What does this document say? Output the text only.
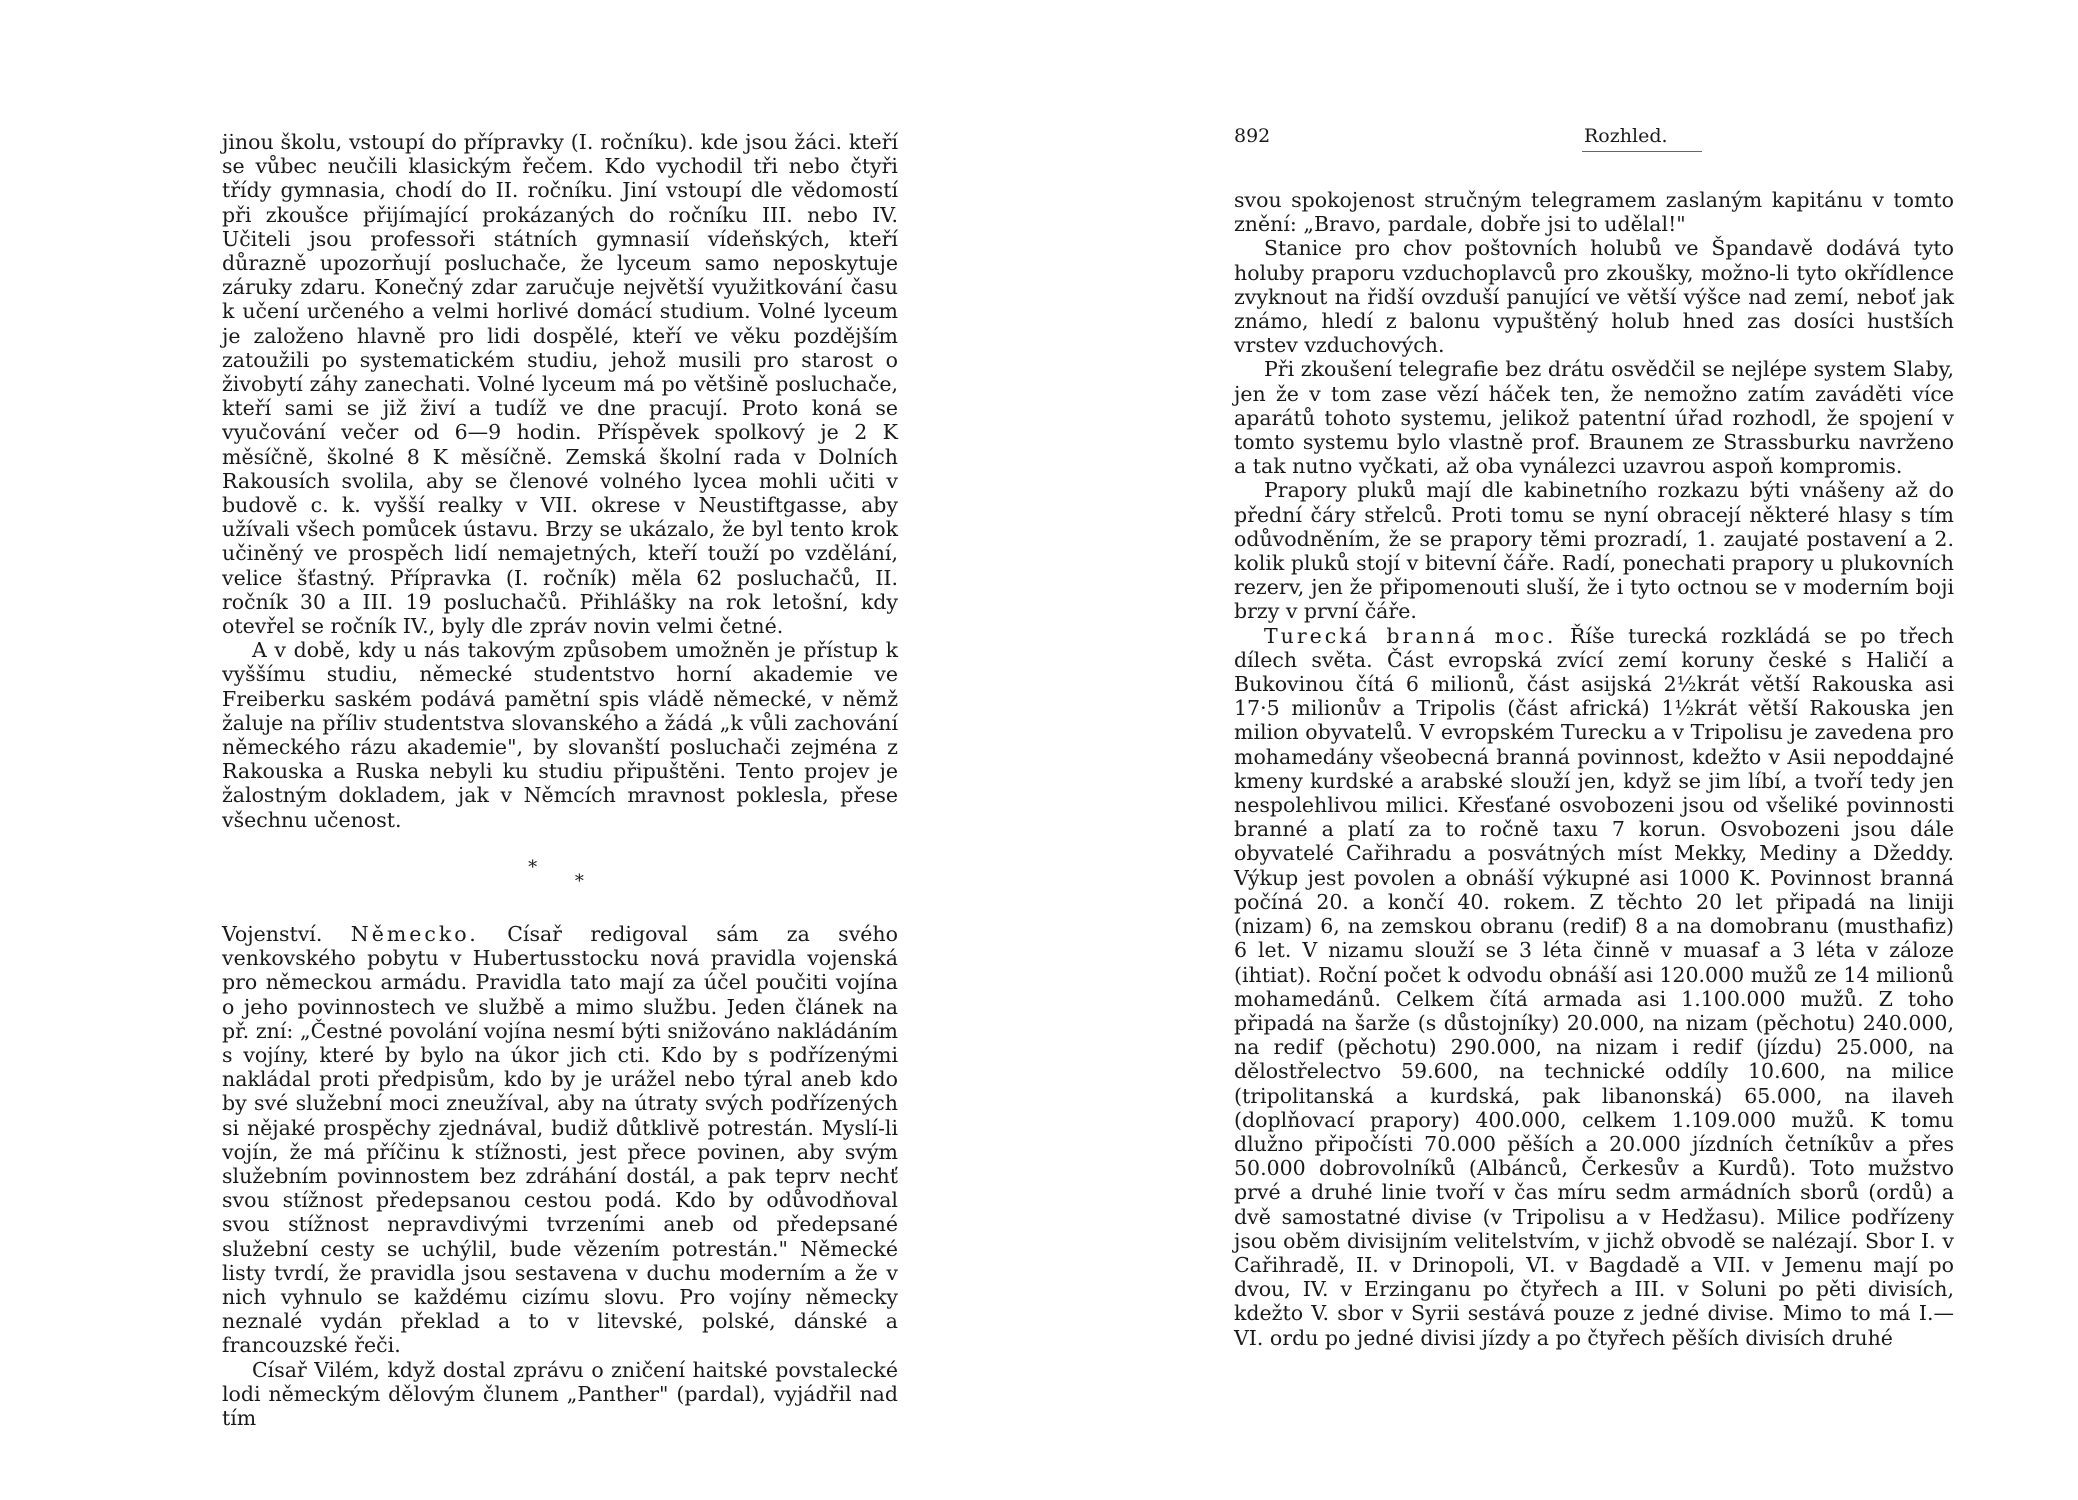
jinou školu, vstoupí do přípravky (I. ročníku). kde jsou žáci. kteří se vůbec neučili klasickým řečem. Kdo vychodil tři nebo čtyři třídy gymnasia, chodí do II. ročníku. Jiní vstoupí dle vědomostí při zkoušce přijímající prokázaných do ročníku III. nebo IV. Učiteli jsou professoři státních gymnasií vídeňských, kteří důrazně upozorňují posluchače, že lyceum samo neposkytuje záruky zdaru. Konečný zdar zaručuje největší využitkování času k učení určeného a velmi horlivé domácí studium. Volné lyceum je založeno hlavně pro lidi dospělé, kteří ve věku pozdějším zatoužili po systematickém studiu, jehož musili pro starost o živobytí záhy zanechati. Volné lyceum má po většině posluchače, kteří sami se již živí a tudíž ve dne pracují. Proto koná se vyučování večer od 6—9 hodin. Příspěvek spolkový je 2 K měsíčně, školné 8 K měsíčně. Zemská školní rada v Dolních Rakousích svolila, aby se členové volného lycea mohli učiti v budově c. k. vyšší realky v VII. okrese v Neustiftgasse, aby užívali všech pomůcek ústavu. Brzy se ukázalo, že byl tento krok učiněný ve prospěch lidí nemajetných, kteří touží po vzdělání, velice šťastný. Přípravka (I. ročník) měla 62 posluchačů, II. ročník 30 a III. 19 posluchačů. Přihlášky na rok letošní, kdy otevřel se ročník IV., byly dle zpráv novin velmi četné.

A v době, kdy u nás takovým způsobem umožněn je přístup k vyššímu studiu, německé studentstvo horní akademie ve Freiberku saském podává pamětní spis vládě německé, v němž žaluje na příliv studentstva slovanského a žádá „k vůli zachování německého rázu akademie", by slovanští posluchači zejména z Rakouska a Ruska nebyli ku studiu připuštěni. Tento projev je žalostným dokladem, jak v Němcích mravnost poklesla, přese všechnu učenost.

* *

Vojenství. Německo. Císař redigoval sám za svého venkovského pobytu v Hubertusstocku nová pravidla vojenská pro německou armádu. Pravidla tato mají za účel poučiti vojína o jeho povinnostech ve službě a mimo službu. Jeden článek na př. zní: „Čestné povolání vojína nesmí býti snižováno nakládáním s vojíny, které by bylo na úkor jich cti. Kdo by s podřízenými nakládal proti předpisům, kdo by je urážel nebo týral aneb kdo by své služební moci zneužíval, aby na útraty svých podřízených si nějaké prospěchy zjednával, budiž důtklivě potrestán. Myslí-li vojín, že má příčinu k stížnosti, jest přece povinen, aby svým služebním povinnostem bez zdráhání dostál, a pak teprv nechť svou stížnost předepsanou cestou podá. Kdo by odůvodňoval svou stížnost nepravdivými tvrzeními aneb od předepsané služební cesty se uchýlil, bude vězením potrestán." Německé listy tvrdí, že pravidla jsou sestavena v duchu moderním a že v nich vyhnulo se každému cizímu slovu. Pro vojíny německy neznalé vydán překlad a to v litevské, polské, dánské a francouzské řeči.

Císař Vilém, když dostal zprávu o zničení haitské povstalecké lodi německým dělovým člunem „Panther" (pardal), vyjádřil nad tím

892	Rozhled.

svou spokojenost stručným telegramem zaslaným kapitánu v tomto znění: „Bravo, pardale, dobře jsi to udělal!"

Stanice pro chov poštovních holubů ve Špandavě dodává tyto holuby praporu vzduchoplavců pro zkoušky, možno-li tyto okřídlence zvyknout na řidší ovzduší panující ve větší výšce nad zemí, neboť jak známo, hledí z balonu vypuštěný holub hned zas dosíci hustších vrstev vzduchových.

Při zkoušení telegrafie bez drátu osvědčil se nejlépe system Slaby, jen že v tom zase vězí háček ten, že nemožno zatím zaváděti více aparátů tohoto systemu, jelikož patentní úřad rozhodl, že spojení v tomto systemu bylo vlastně prof. Braunem ze Strassburku navrženo a tak nutno vyčkati, až oba vynálezci uzavrou aspoň kompromis.

Prapory pluků mají dle kabinetního rozkazu býti vnášeny až do přední čáry střelců. Proti tomu se nyní obracejí některé hlasy s tím odůvodněním, že se prapory těmi prozradí, 1. zaujaté postavení a 2. kolik pluků stojí v bitevní čáře. Radí, ponechati prapory u plukovních rezerv, jen že připomenouti sluší, že i tyto octnou se v moderním boji brzy v první čáře.

Turecká branná moc. Říše turecká rozkládá se po třech dílech světa. Část evropská zvící zemí koruny české s Haličí a Bukovinou čítá 6 milionů, část asijská 2½krát větší Rakouska asi 17·5 milionův a Tripolis (část africká) 1½krát větší Rakouska jen milion obyvatelů. V evropském Turecku a v Tripolisu je zavedena pro mohamedány všeobecná branná povinnost, kdežto v Asii nepoddajné kmeny kurdské a arabské slouží jen, když se jim líbí, a tvoří tedy jen nespolehlivou milici. Křesťané osvobozeni jsou od všeliké povinnosti branné a platí za to ročně taxu 7 korun. Osvobozeni jsou dále obyvatelé Cařihradu a posvátných míst Mekky, Mediny a Džeddy. Výkup jest povolen a obnáší výkupné asi 1000 K. Povinnost branná počíná 20. a končí 40. rokem. Z těchto 20 let připadá na liniji (nizam) 6, na zemskou obranu (redif) 8 a na domobranu (musthafiz) 6 let. V nizamu slouží se 3 léta činně v muasaf a 3 léta v záloze (ihtiat). Roční počet k odvodu obnáší asi 120.000 mužů ze 14 milionů mohamedánů. Celkem čítá armada asi 1.100.000 mužů. Z toho připadá na šarže (s důstojníky) 20.000, na nizam (pěchotu) 240.000, na redif (pěchotu) 290.000, na nizam i redif (jízdu) 25.000, na dělostřelectvo 59.600, na technické oddíly 10.600, na milice (tripolitanská a kurdská, pak libanonská) 65.000, na ilaveh (doplňovací prapory) 400.000, celkem 1.109.000 mužů. K tomu dlužno připočísti 70.000 pěších a 20.000 jízdních četníkův a přes 50.000 dobrovolníků (Albánců, Čerkesův a Kurdů). Toto mužstvo prvé a druhé linie tvoří v čas míru sedm armádních sborů (ordů) a dvě samostatné divise (v Tripolisu a v Hedžasu). Milice podřízeny jsou oběm divisijním velitelstvím, v jichž obvodě se nalézají. Sbor I. v Cařihradě, II. v Drinopoli, VI. v Bagdadě a VII. v Jemenu mají po dvou, IV. v Erzinganu po čtyřech a III. v Soluni po pěti divisích, kdežto V. sbor v Syrii sestává pouze z jedné divise. Mimo to má I.—VI. ordu po jedné divisi jízdy a po čtyřech pěších divisích druhé
